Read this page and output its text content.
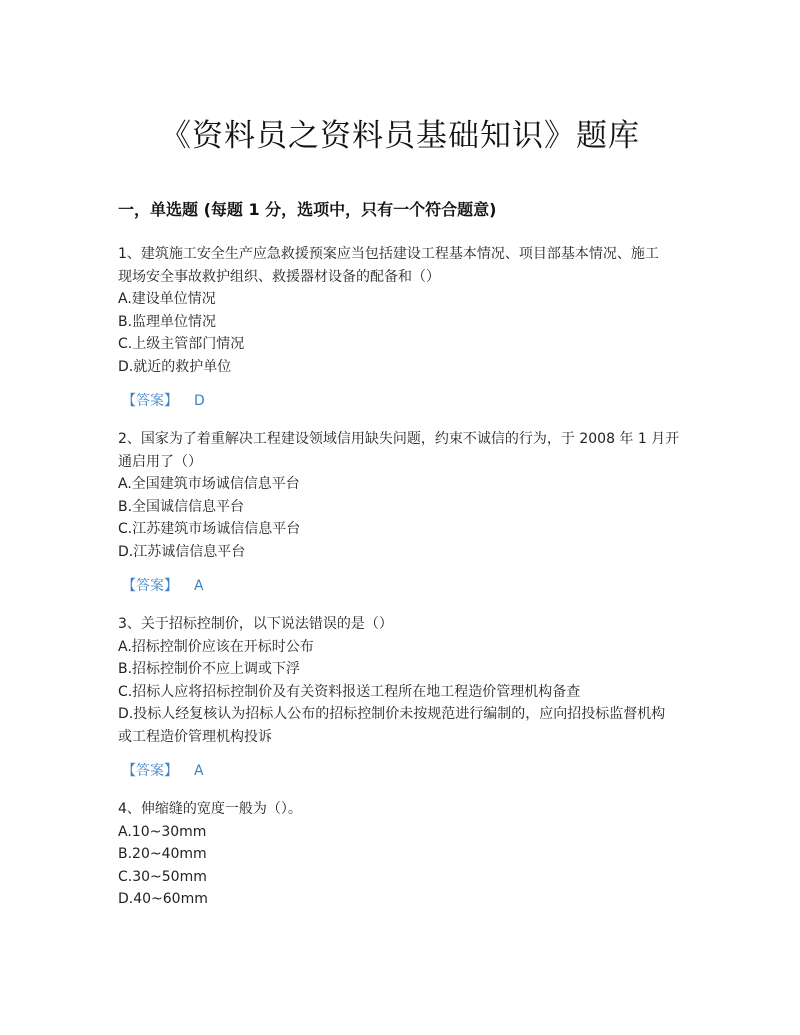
《资料员之资料员基础知识》题库
一，单选题 (每题 1 分，选项中，只有一个符合题意)
1、建筑施工安全生产应急救援预案应当包括建设工程基本情况、项目部基本情况、施工
现场安全事故救护组织、救援器材设备的配备和（）
A.建设单位情况
B.监理单位情况
C.上级主管部门情况
D.就近的救护单位
【答案】 D
2、国家为了着重解决工程建设领域信用缺失问题，约束不诚信的行为，于 2008 年 1 月开
通启用了（）
A.全国建筑市场诚信信息平台
B.全国诚信信息平台
C.江苏建筑市场诚信信息平台
D.江苏诚信信息平台
【答案】 A
3、关于招标控制价，以下说法错误的是（）
A.招标控制价应该在开标时公布
B.招标控制价不应上调或下浮
C.招标人应将招标控制价及有关资料报送工程所在地工程造价管理机构备查
D.投标人经复核认为招标人公布的招标控制价未按规范进行编制的，应向招投标监督机构
或工程造价管理机构投诉
【答案】 A
4、伸缩缝的宽度一般为（）。
A.10~30mm
B.20~40mm
C.30~50mm
D.40~60mm
